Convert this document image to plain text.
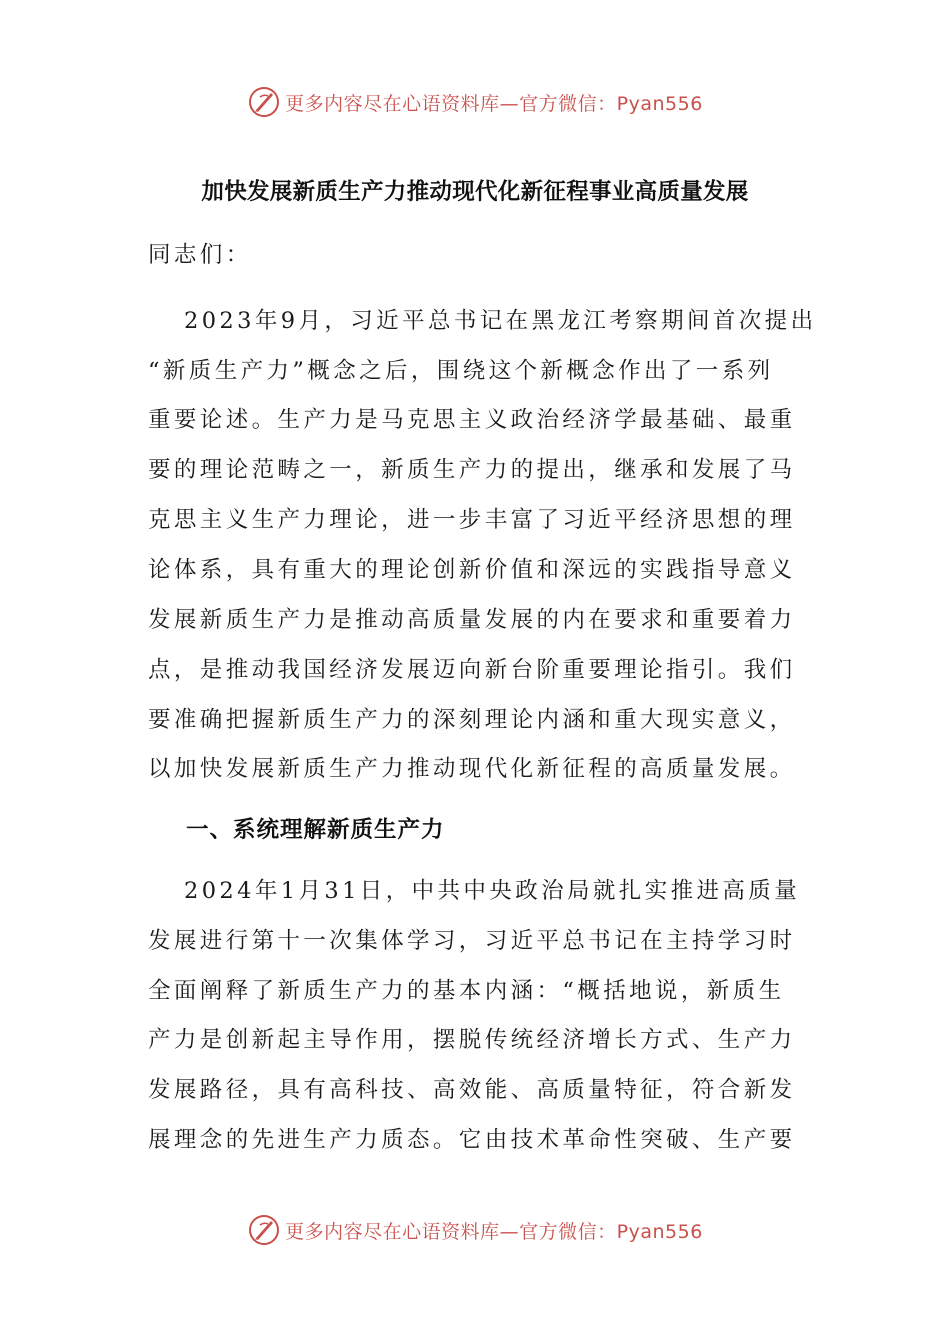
更多内容尽在心语资料库—官方微信：Pyan556
加快发展新质生产力推动现代化新征程事业高质量发展
同志们：
2023年9月，习近平总书记在黑龙江考察期间首次提出
“新质生产力”概念之后，围绕这个新概念作出了一系列
重要论述。生产力是马克思主义政治经济学最基础、最重
要的理论范畴之一，新质生产力的提出，继承和发展了马
克思主义生产力理论，进一步丰富了习近平经济思想的理
论体系，具有重大的理论创新价值和深远的实践指导意义
发展新质生产力是推动高质量发展的内在要求和重要着力
点，是推动我国经济发展迈向新台阶重要理论指引。我们
要准确把握新质生产力的深刻理论内涵和重大现实意义，
以加快发展新质生产力推动现代化新征程的高质量发展。
一、系统理解新质生产力
2024年1月31日，中共中央政治局就扎实推进高质量
发展进行第十一次集体学习，习近平总书记在主持学习时
全面阐释了新质生产力的基本内涵：“概括地说，新质生
产力是创新起主导作用，摆脱传统经济增长方式、生产力
发展路径，具有高科技、高效能、高质量特征，符合新发
展理念的先进生产力质态。它由技术革命性突破、生产要
更多内容尽在心语资料库—官方微信：Pyan556
